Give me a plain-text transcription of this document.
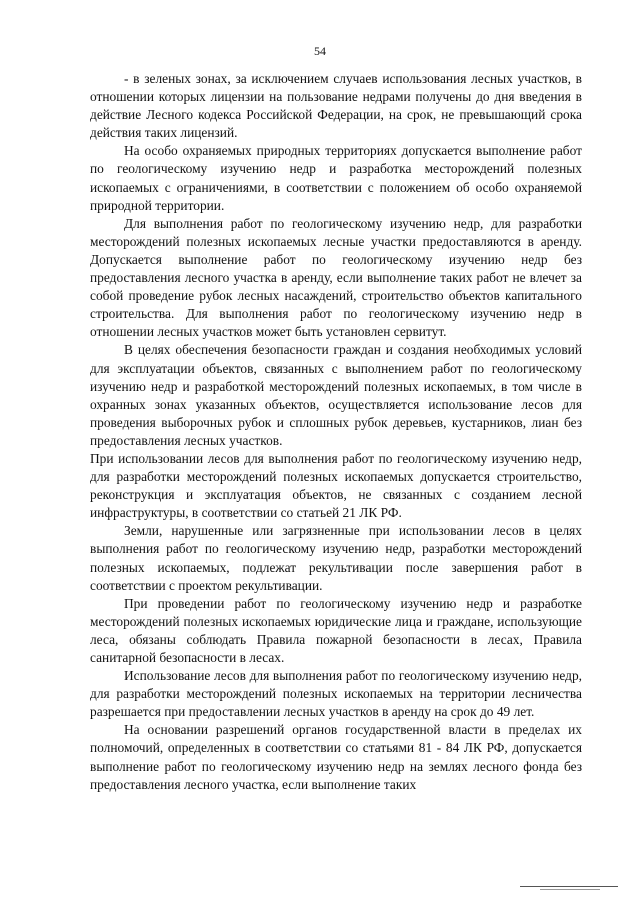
54

- в зеленых зонах, за исключением случаев использования лесных участков, в отношении которых лицензии на пользование недрами получены до дня введения в действие Лесного кодекса Российской Федерации, на срок, не превышающий срока действия таких лицензий.

На особо охраняемых природных территориях допускается выполнение работ по геологическому изучению недр и разработка месторождений полезных ископаемых с ограничениями, в соответствии с положением об особо охраняемой природной территории.

Для выполнения работ по геологическому изучению недр, для разработки месторождений полезных ископаемых лесные участки предоставляются в аренду. Допускается выполнение работ по геологическому изучению недр без предоставления лесного участка в аренду, если выполнение таких работ не влечет за собой проведение рубок лесных насаждений, строительство объектов капитального строительства. Для выполнения работ по геологическому изучению недр в отношении лесных участков может быть установлен сервитут.

В целях обеспечения безопасности граждан и создания необходимых условий для эксплуатации объектов, связанных с выполнением работ по геологическому изучению недр и разработкой месторождений полезных ископаемых, в том числе в охранных зонах указанных объектов, осуществляется использование лесов для проведения выборочных рубок и сплошных рубок деревьев, кустарников, лиан без предоставления лесных участков.

При использовании лесов для выполнения работ по геологическому изучению недр, для разработки месторождений полезных ископаемых допускается строительство, реконструкция и эксплуатация объектов, не связанных с созданием лесной инфраструктуры, в соответствии со статьей 21 ЛК РФ.

Земли, нарушенные или загрязненные при использовании лесов в целях выполнения работ по геологическому изучению недр, разработки месторождений полезных ископаемых, подлежат рекультивации после завершения работ в соответствии с проектом рекультивации.

При проведении работ по геологическому изучению недр и разработке месторождений полезных ископаемых юридические лица и граждане, использующие леса, обязаны соблюдать Правила пожарной безопасности в лесах, Правила санитарной безопасности в лесах.

Использование лесов для выполнения работ по геологическому изучению недр, для разработки месторождений полезных ископаемых на территории лесничества разрешается при предоставлении лесных участков в аренду на срок до 49 лет.

На основании разрешений органов государственной власти в пределах их полномочий, определенных в соответствии со статьями 81 - 84 ЛК РФ, допускается выполнение работ по геологическому изучению недр на землях лесного фонда без предоставления лесного участка, если выполнение таких
